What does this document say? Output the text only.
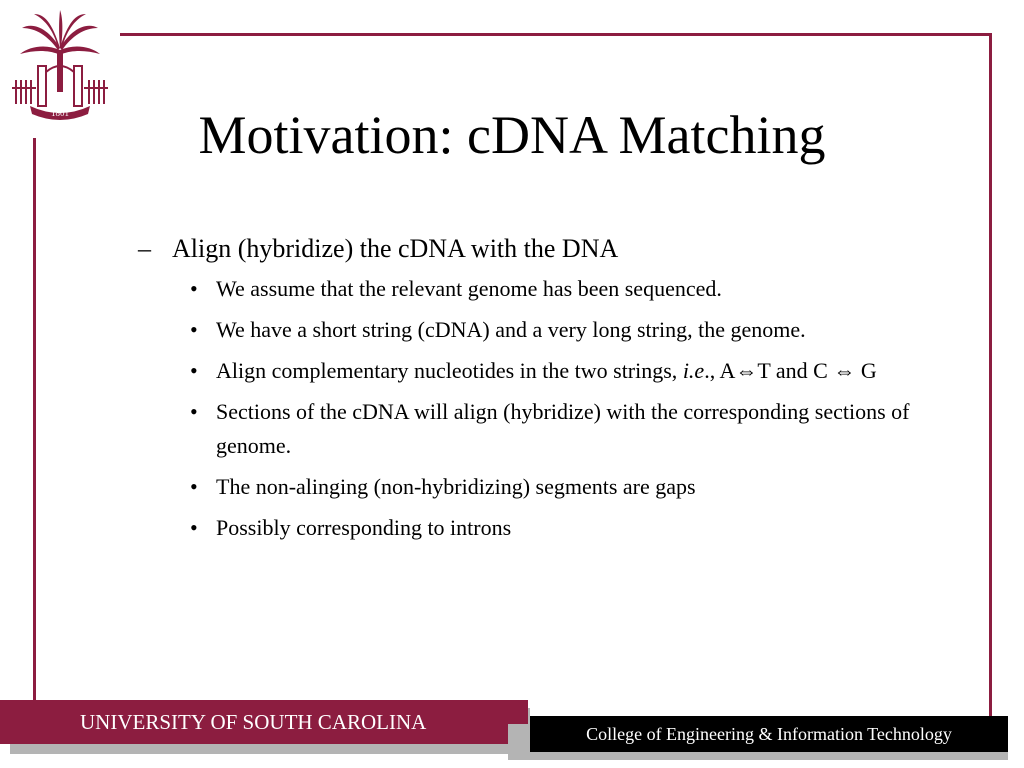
1801	Motivation: cDNA Matching
– Align (hybridize) the cDNA with the DNA
• We assume that the relevant genome has been sequenced.
• We have a short string (cDNA) and a very long string, the genome.
• Align complementary nucleotides in the two strings, i.e., A⇔T and C ⇔ G
• Sections of the cDNA will align (hybridize) with the corresponding sections of genome.
• The non-alinging (non-hybridizing) segments are gaps
• Possibly corresponding to introns
UNIVERSITY OF SOUTH CAROLINA	College of Engineering & Information Technology
